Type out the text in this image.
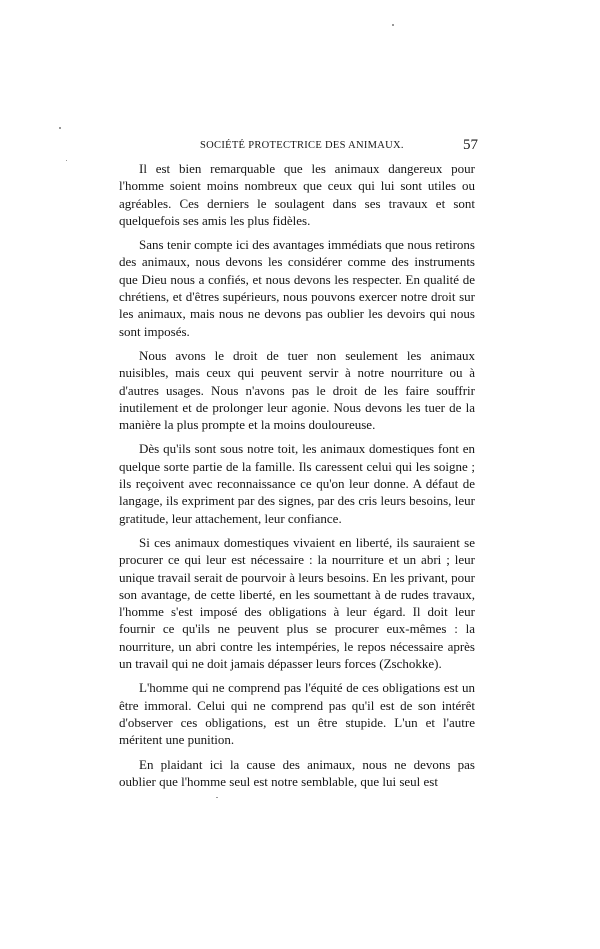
SOCIÉTÉ PROTECTRICE DES ANIMAUX.	57

Il est bien remarquable que les animaux dangereux pour l'homme soient moins nombreux que ceux qui lui sont utiles ou agréables. Ces derniers le soulagent dans ses travaux et sont quelquefois ses amis les plus fidèles.

Sans tenir compte ici des avantages immédiats que nous retirons des animaux, nous devons les considérer comme des instruments que Dieu nous a confiés, et nous devons les respecter. En qualité de chrétiens, et d'êtres supérieurs, nous pouvons exercer notre droit sur les animaux, mais nous ne devons pas oublier les devoirs qui nous sont imposés.

Nous avons le droit de tuer non seulement les animaux nuisibles, mais ceux qui peuvent servir à notre nourriture ou à d'autres usages. Nous n'avons pas le droit de les faire souffrir inutilement et de prolonger leur agonie. Nous devons les tuer de la manière la plus prompte et la moins douloureuse.

Dès qu'ils sont sous notre toit, les animaux domestiques font en quelque sorte partie de la famille. Ils caressent celui qui les soigne ; ils reçoivent avec reconnaissance ce qu'on leur donne. A défaut de langage, ils expriment par des signes, par des cris leurs besoins, leur gratitude, leur attachement, leur confiance.

Si ces animaux domestiques vivaient en liberté, ils sauraient se procurer ce qui leur est nécessaire : la nourriture et un abri ; leur unique travail serait de pourvoir à leurs besoins. En les privant, pour son avantage, de cette liberté, en les soumettant à de rudes travaux, l'homme s'est imposé des obligations à leur égard. Il doit leur fournir ce qu'ils ne peuvent plus se procurer eux-mêmes : la nourriture, un abri contre les intempéries, le repos nécessaire après un travail qui ne doit jamais dépasser leurs forces (Zschokke).

L'homme qui ne comprend pas l'équité de ces obligations est un être immoral. Celui qui ne comprend pas qu'il est de son intérêt d'observer ces obligations, est un être stupide. L'un et l'autre méritent une punition.

En plaidant ici la cause des animaux, nous ne devons pas oublier que l'homme seul est notre semblable, que lui seul est
